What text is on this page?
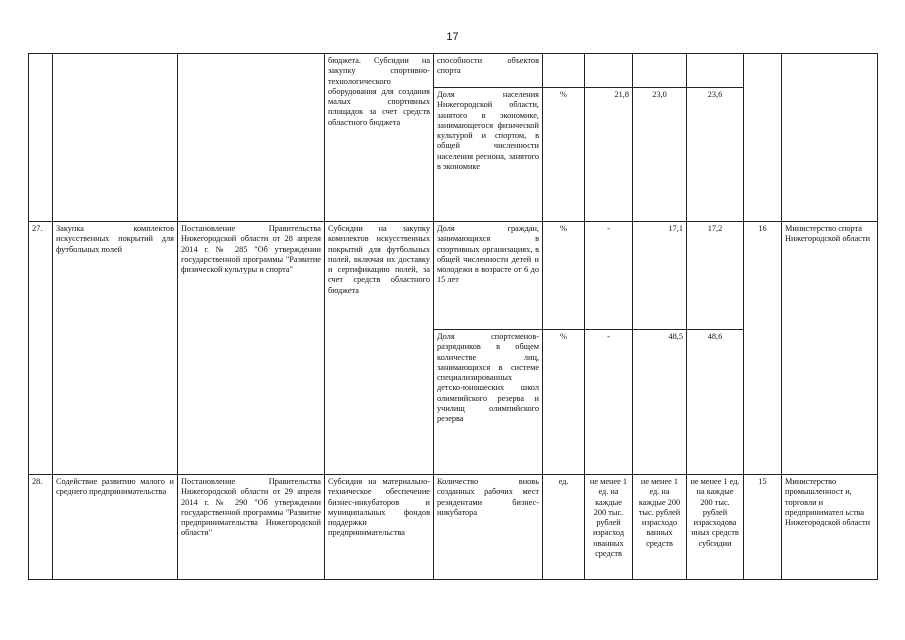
17
			бюджета. Субсидии на закупку спортивно-технологического оборудования для создания малых спортивных площадок за счет средств областного бюджета	способности объектов спорта						
				Доля населения Нижегородской области, занятого в экономике, занимающегося физической культурой и спортом, в общей численности населения региона, занятого в экономике	%	21,8	23,0	23,6		
27.	Закупка комплектов искусственных покрытий для футбольных полей	Постановление Правительства Нижегородской области от 28 апреля 2014 г. № 285 "Об утверждении государственной программы "Развитие физической культуры и спорта"	Субсидии на закупку комплектов искусственных покрытий для футбольных полей, включая их доставку и сертификацию полей, за счет средств областного бюджета	Доля граждан, занимающихся в спортивных организациях, в общей численности детей и молодежи в возрасте от 6 до 15 лет	%	-	17,1	17,2	16	Министерство спорта Нижегородской области
				Доля спортсменов-разрядников в общем количестве лиц, занимающихся в системе специализированных детско-юношеских школ олимпийского резерва и училищ олимпийского резерва	%	-	48,5	48,6		
28.	Содействие развитию малого и среднего предпринимательства	Постановление Правительства Нижегородской области от 29 апреля 2014 г. № 290 "Об утверждении государственной программы "Развитие предпринимательства Нижегородской области"	Субсидия на материально-техническое обеспечение бизнес-инкубаторов и муниципальных фондов поддержки предпринимательства	Количество вновь созданных рабочих мест резидентами бизнес-инкубатора	ед.	не менее 1 ед. на каждые 200 тыс. рублей израсход ованных средств	не менее 1 ед. на каждые 200 тыс. рублей израсходо ванных средств	не менее 1 ед. на каждые 200 тыс. рублей израсходова нных средств субсидии	15	Министерство промышленност и, торговли и предпринимател ьства Нижегородской области
